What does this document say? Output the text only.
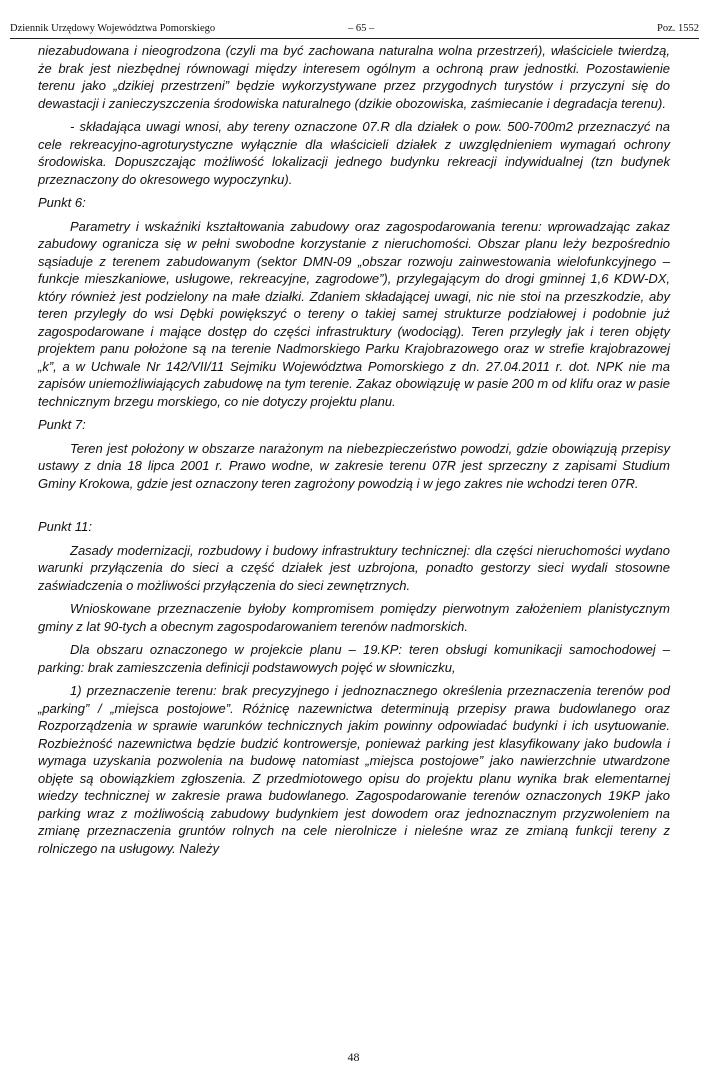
Dziennik Urzędowy Województwa Pomorskiego	– 65 –	Poz. 1552

niezabudowana i nieogrodzona (czyli ma być zachowana naturalna wolna przestrzeń), właściciele twierdzą, że brak jest niezbędnej równowagi między interesem ogólnym a ochroną praw jednostki. Pozostawienie terenu jako „dzikiej przestrzeni” będzie wykorzystywane przez przygodnych turystów i przyczyni się do dewastacji i zanieczyszczenia środowiska naturalnego (dzikie obozowiska, zaśmiecanie i degradacja terenu).

- składająca uwagi wnosi, aby tereny oznaczone 07.R dla działek o pow. 500-700m2 przeznaczyć na cele rekreacyjno-agroturystyczne wyłącznie dla właścicieli działek z uwzględnieniem wymagań ochrony środowiska. Dopuszczając możliwość lokalizacji jednego budynku rekreacji indywidualnej (tzn budynek przeznaczony do okresowego wypoczynku).

Punkt 6:

Parametry i wskaźniki kształtowania zabudowy oraz zagospodarowania terenu: wprowadzając zakaz zabudowy ogranicza się w pełni swobodne korzystanie z nieruchomości. Obszar planu leży bezpośrednio sąsiaduje z terenem zabudowanym (sektor DMN-09 „obszar rozwoju zainwestowania wielofunkcyjnego – funkcje mieszkaniowe, usługowe, rekreacyjne, zagrodowe”), przylegającym do drogi gminnej 1,6 KDW-DX, który również jest podzielony na małe działki. Zdaniem składającej uwagi, nic nie stoi na przeszkodzie, aby teren przyległy do wsi Dębki powiększyć o tereny o takiej samej strukturze podziałowej i podobnie już zagospodarowane i mające dostęp do części infrastruktury (wodociąg). Teren przyległy jak i teren objęty projektem panu położone są na terenie Nadmorskiego Parku Krajobrazowego oraz w strefie krajobrazowej „k”, a w Uchwale Nr 142/VII/11 Sejmiku Województwa Pomorskiego z dn. 27.04.2011 r. dot. NPK nie ma zapisów uniemożliwiających zabudowę na tym terenie. Zakaz obowiązuję w pasie 200 m od klifu oraz w pasie technicznym brzegu morskiego, co nie dotyczy projektu planu.

Punkt 7:

Teren jest położony w obszarze narażonym na niebezpieczeństwo powodzi, gdzie obowiązują przepisy ustawy z dnia 18 lipca 2001 r. Prawo wodne, w zakresie terenu 07R jest sprzeczny z zapisami Studium Gminy Krokowa, gdzie jest oznaczony teren zagrożony powodzią i w jego zakres nie wchodzi teren 07R.

Punkt 11:

Zasady modernizacji, rozbudowy i budowy infrastruktury technicznej: dla części nieruchomości wydano warunki przyłączenia do sieci a część działek jest uzbrojona, ponadto gestorzy sieci wydali stosowne zaświadczenia o możliwości przyłączenia do sieci zewnętrznych.

Wnioskowane przeznaczenie byłoby kompromisem pomiędzy pierwotnym założeniem planistycznym gminy z lat 90-tych a obecnym zagospodarowaniem terenów nadmorskich.

Dla obszaru oznaczonego w projekcie planu – 19.KP: teren obsługi komunikacji samochodowej – parking: brak zamieszczenia definicji podstawowych pojęć w słowniczku,

1) przeznaczenie terenu: brak precyzyjnego i jednoznacznego określenia przeznaczenia terenów pod „parking” / „miejsca postojowe”. Różnicę nazewnictwa determinują przepisy prawa budowlanego oraz Rozporządzenia w sprawie warunków technicznych jakim powinny odpowiadać budynki i ich usytuowanie. Rozbieżność nazewnictwa będzie budzić kontrowersje, ponieważ parking jest klasyfikowany jako budowla i wymaga uzyskania pozwolenia na budowę natomiast „miejsca postojowe” jako nawierzchnie utwardzone objęte są obowiązkiem zgłoszenia. Z przedmiotowego opisu do projektu planu wynika brak elementarnej wiedzy technicznej w zakresie prawa budowlanego. Zagospodarowanie terenów oznaczonych 19KP jako parking wraz z możliwością zabudowy budynkiem jest dowodem oraz jednoznacznym przyzwoleniem na zmianę przeznaczenia gruntów rolnych na cele nierolnicze i nieleśne wraz ze zmianą funkcji tereny z rolniczego na usługowy. Należy

48
